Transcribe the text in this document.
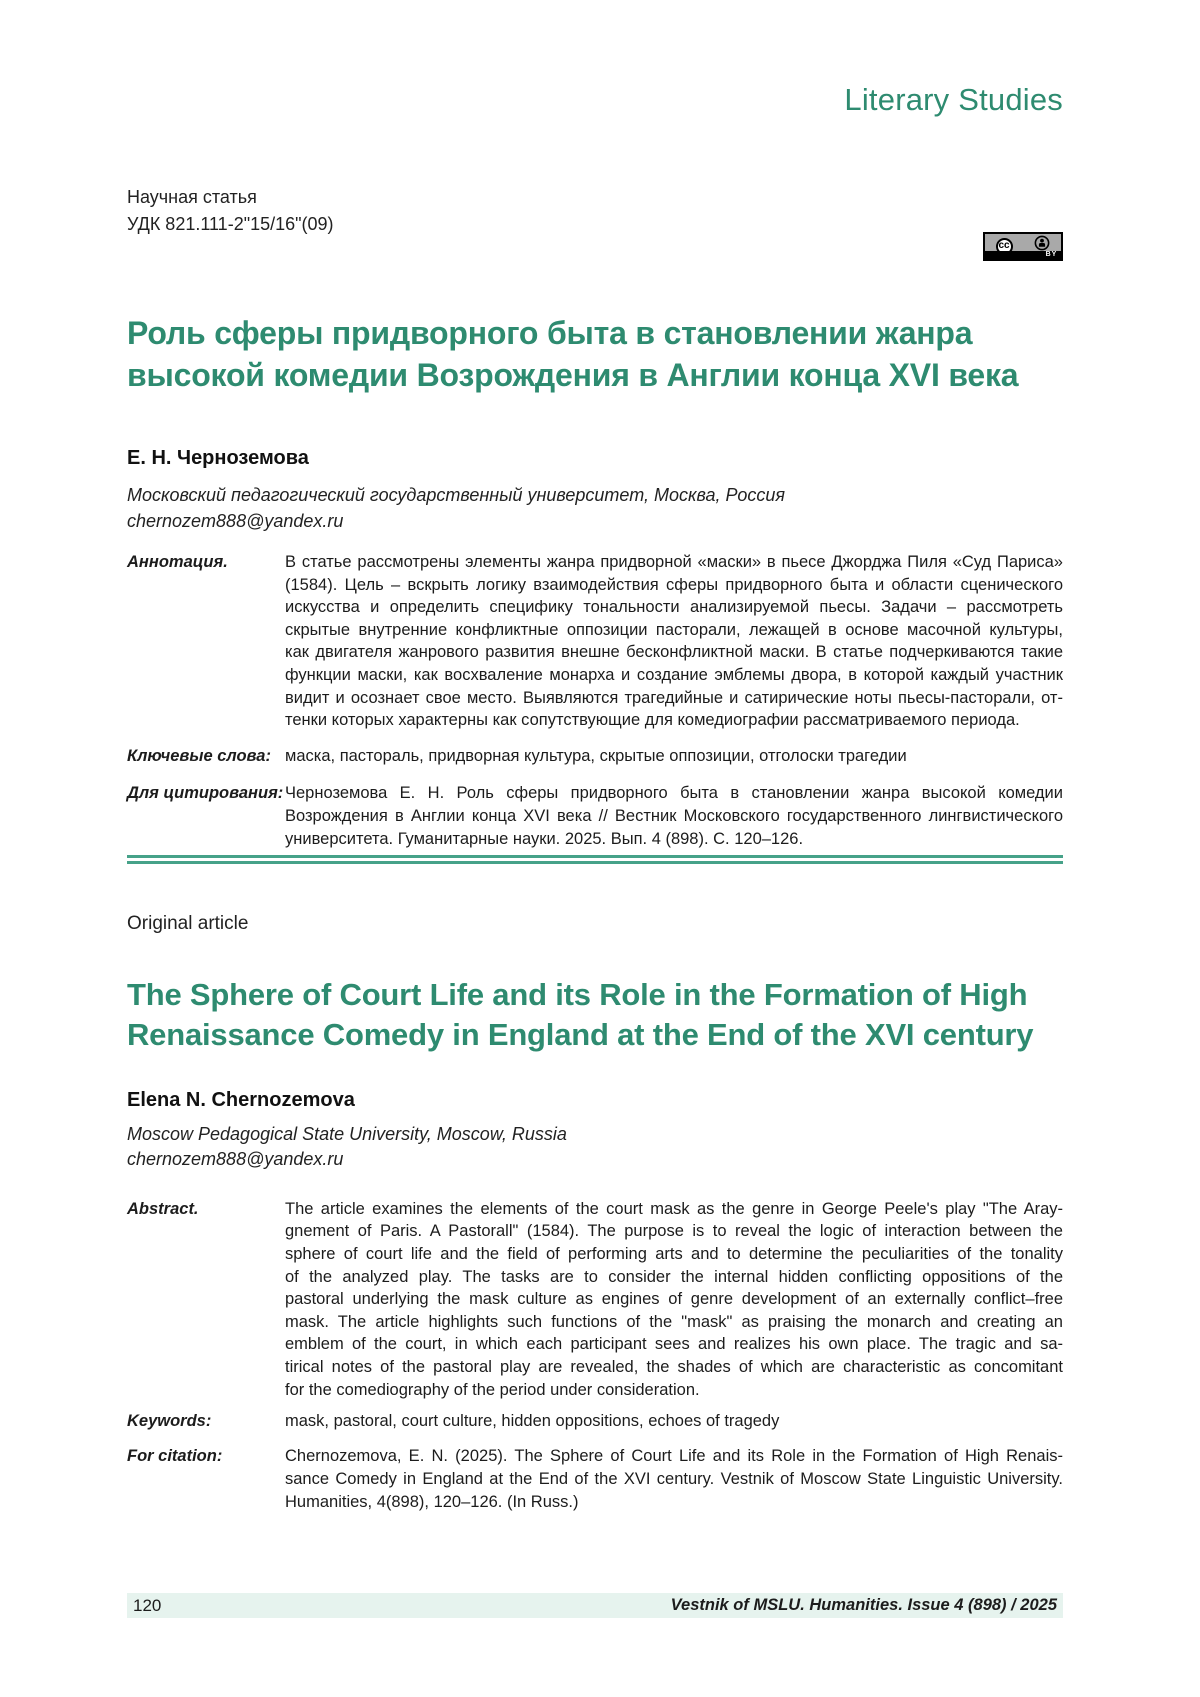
Literary Studies
Научная статья
УДК 821.111-2"15/16"(09)
Роль сферы придворного быта в становлении жанра
высокой комедии Возрождения в Англии конца XVI века
Е. Н. Черноземова
Московский педагогический государственный университет, Москва, Россия
chernozem888@yandex.ru
Аннотация.	В статье рассмотрены элементы жанра придворной «маски» в пьесе Джорджа Пиля «Суд Париса»
(1584). Цель – вскрыть логику взаимодействия сферы придворного быта и области сценического
искусства и определить специфику тональности анализируемой пьесы. Задачи – рассмотреть
скрытые внутренние конфликтные оппозиции пасторали, лежащей в основе масочной культуры,
как двигателя жанрового развития внешне бесконфликтной маски. В статье подчеркиваются такие
функции маски, как восхваление монарха и создание эмблемы двора, в которой каждый участник
видит и осознает свое место. Выявляются трагедийные и сатирические ноты пьесы-пасторали, от-
тенки которых характерны как сопутствующие для комедиографии рассматриваемого периода.
Ключевые слова: маска, пастораль, придворная культура, скрытые оппозиции, отголоски трагедии
Для цитирования: Черноземова Е. Н. Роль сферы придворного быта в становлении жанра высокой комедии
Возрождения в Англии конца XVI века // Вестник Московского государственного лингвистического
университета. Гуманитарные науки. 2025. Вып. 4 (898). С. 120–126.
Original article
The Sphere of Court Life and its Role in the Formation of High
Renaissance Comedy in England at the End of the XVI century
Elena N. Chernozemova
Moscow Pedagogical State University, Moscow, Russia
chernozem888@yandex.ru
Abstract.	The article examines the elements of the court mask as the genre in George Peele's play "The Aray-
gnement of Paris. A Pastorall" (1584). The purpose is to reveal the logic of interaction between the
sphere of court life and the field of performing arts and to determine the peculiarities of the tonality
of the analyzed play. The tasks are to consider the internal hidden conflicting oppositions of the
pastoral underlying the mask culture as engines of genre development of an externally conflict–free
mask. The article highlights such functions of the "mask" as praising the monarch and creating an
emblem of the court, in which each participant sees and realizes his own place. The tragic and sa-
tirical notes of the pastoral play are revealed, the shades of which are characteristic as concomitant
for the comediography of the period under consideration.
Keywords:	mask, pastoral, court culture, hidden oppositions, echoes of tragedy
For citation:	Chernozemova, E. N. (2025). The Sphere of Court Life and its Role in the Formation of High Renais-
sance Comedy in England at the End of the XVI century. Vestnik of Moscow State Linguistic University.
Humanities, 4(898), 120–126. (In Russ.)
cc
BY
120	Vestnik of MSLU. Humanities. Issue 4 (898) / 2025
